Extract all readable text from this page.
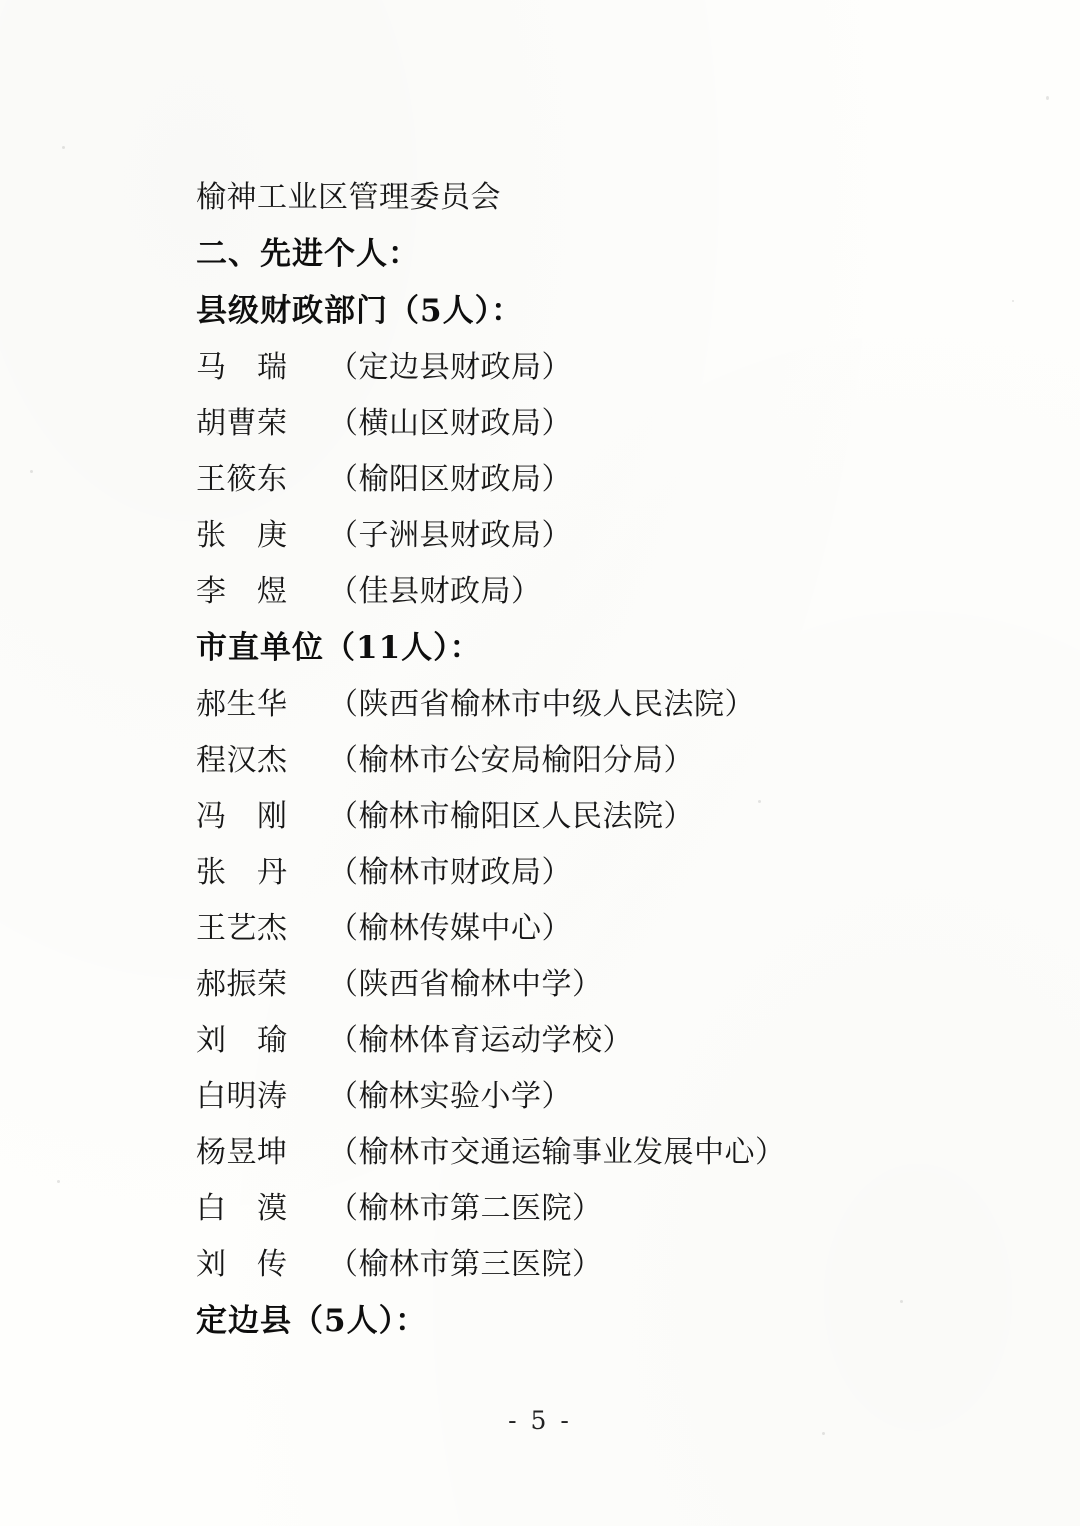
榆神工业区管理委员会
二、先进个人：
县级财政部门（5人）：
马　瑞 （定边县财政局）
胡曹荣 （横山区财政局）
王筱东 （榆阳区财政局）
张　庚 （子洲县财政局）
李　煜 （佳县财政局）
市直单位（11人）：
郝生华 （陕西省榆林市中级人民法院）
程汉杰 （榆林市公安局榆阳分局）
冯　刚 （榆林市榆阳区人民法院）
张　丹 （榆林市财政局）
王艺杰 （榆林传媒中心）
郝振荣 （陕西省榆林中学）
刘　瑜 （榆林体育运动学校）
白明涛 （榆林实验小学）
杨昱坤 （榆林市交通运输事业发展中心）
白　漠 （榆林市第二医院）
刘　传 （榆林市第三医院）
定边县（5人）：
- 5 -
